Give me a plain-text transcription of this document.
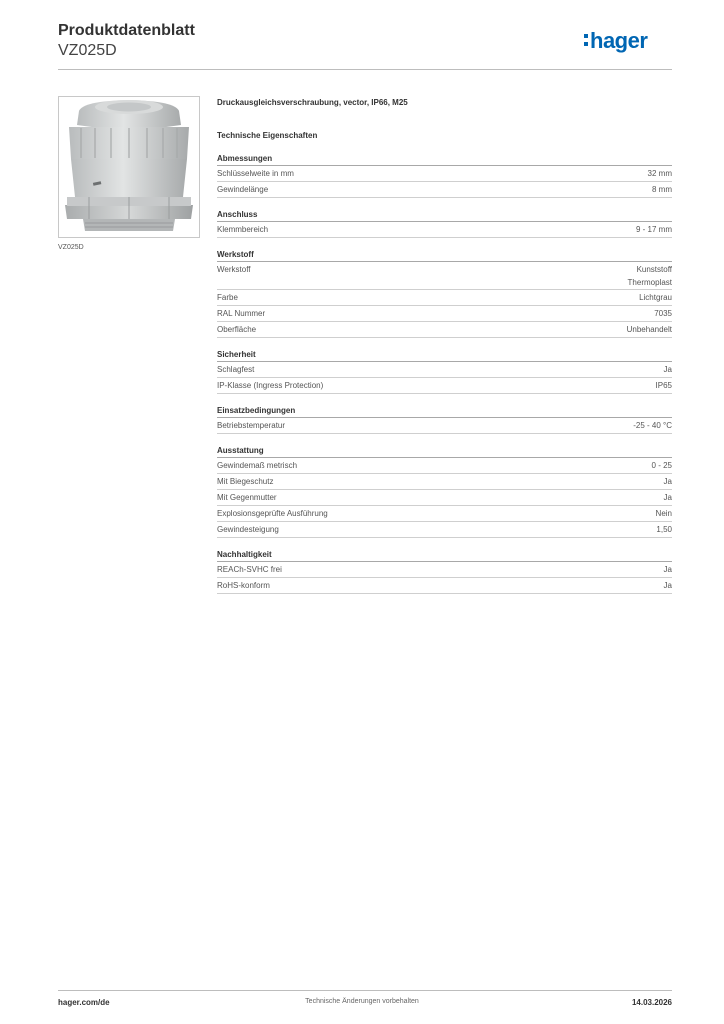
Produktdatenblatt
VZ025D	hager
VZ025D
Druckausgleichsverschraubung, vector, IP66, M25
Technische Eigenschaften
Abmessungen
Schlüsselweite in mm	32 mm
Gewindelänge	8 mm
Anschluss
Klemmbereich	9 - 17 mm
Werkstoff
Werkstoff	Kunststoff
Thermoplast
Farbe	Lichtgrau
RAL Nummer	7035
Oberfläche	Unbehandelt
Sicherheit
Schlagfest	Ja
IP-Klasse (Ingress Protection)	IP65
Einsatzbedingungen
Betriebstemperatur	-25 - 40 °C
Ausstattung
Gewindemaß metrisch	0 - 25
Mit Biegeschutz	Ja
Mit Gegenmutter	Ja
Explosionsgeprüfte Ausführung	Nein
Gewindesteigung	1,50
Nachhaltigkeit
REACh-SVHC frei	Ja
RoHS-konform	Ja
hager.com/de	Technische Änderungen vorbehalten	14.03.2026
